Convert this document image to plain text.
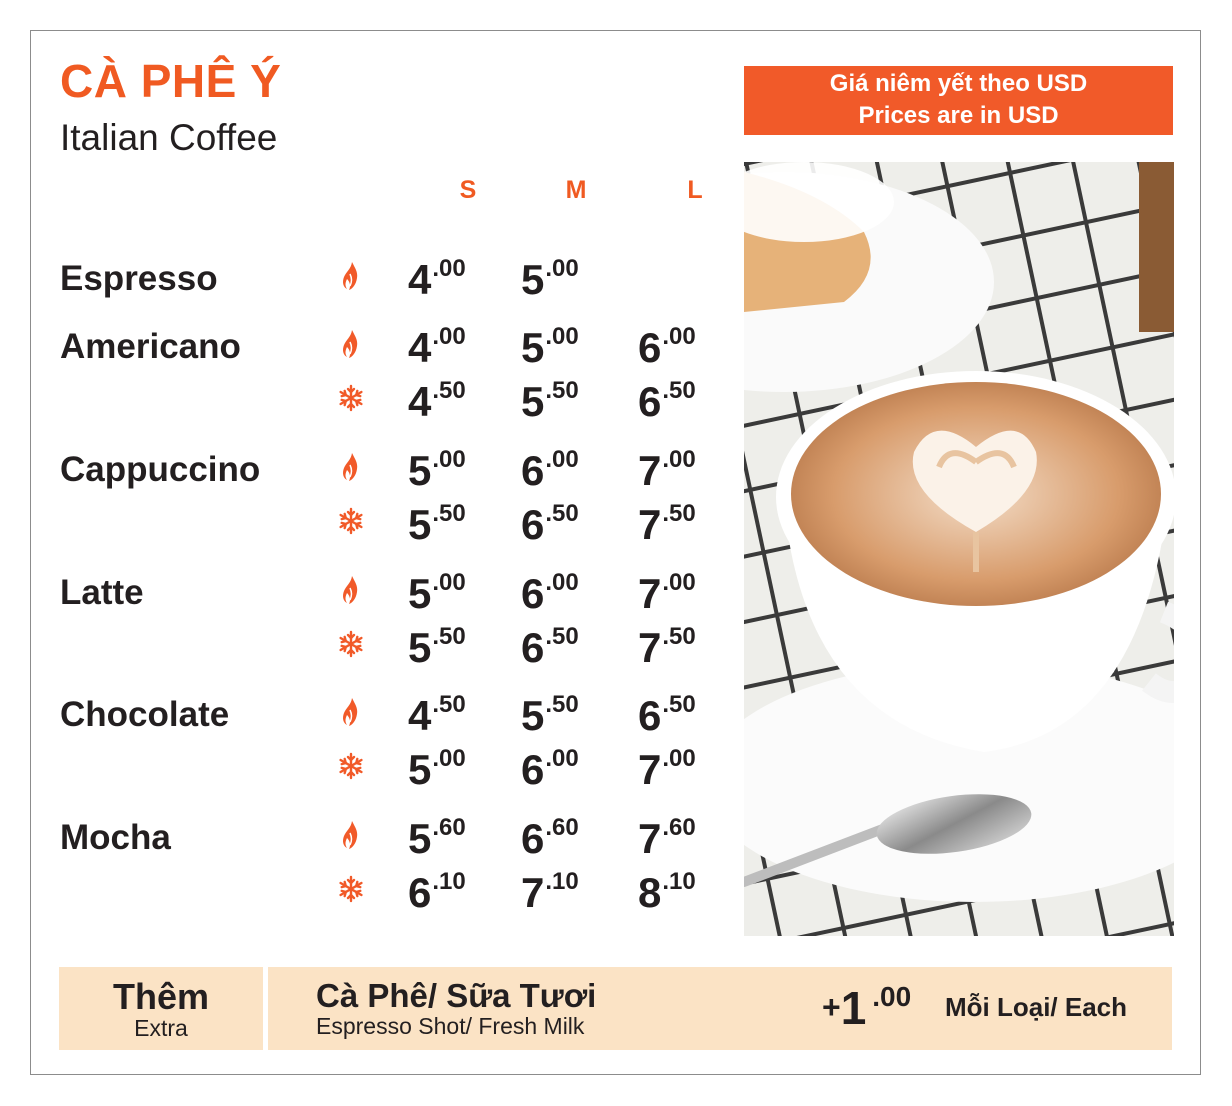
CÀ PHÊ Ý

Italian Coffee

Giá niêm yết theo USD
Prices are in USD
S	M	L
Espresso	4.00 5.00
Americano	4.00 5.00 6.00
4.50 5.50 6.50
Cappuccino	5.00 6.00 7.00
5.50 6.50 7.50
Latte	5.00 6.00 7.00
5.50 6.50 7.50
Chocolate	4.50 5.50 6.50
5.00 6.00 7.00
Mocha	5.60 6.60 7.60
6.10 7.10 8.10
Thêm
Extra
Cà Phê/ Sữa Tươi
Espresso Shot/ Fresh Milk
+1 .00 Mỗi Loại/ Each
